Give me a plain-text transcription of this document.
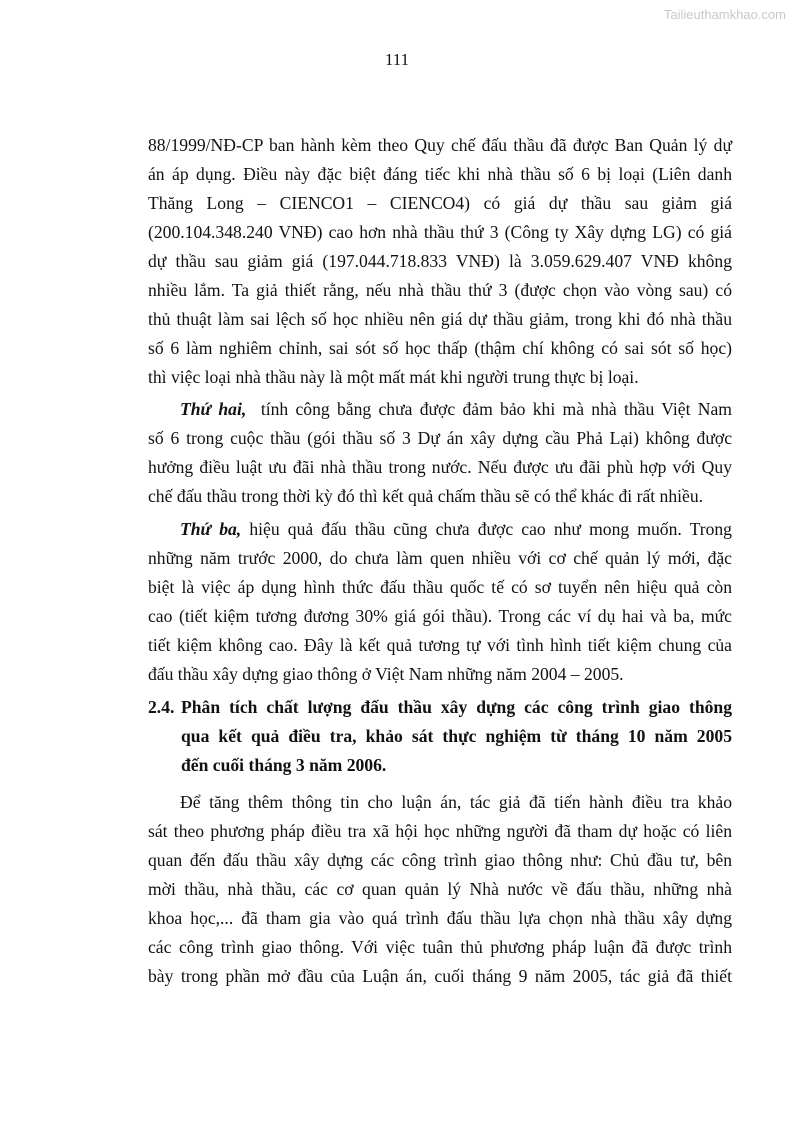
Tailieuthamkhao.com
111
88/1999/NĐ-CP ban hành kèm theo Quy chế đấu thầu đã được Ban Quản lý dự
án áp dụng. Điều này đặc biệt đáng tiếc khi nhà thầu số 6 bị loại (Liên danh
Thăng Long – CIENCO1 – CIENCO4) có giá dự thầu sau giảm giá
(200.104.348.240 VNĐ) cao hơn nhà thầu thứ 3 (Công ty Xây dựng LG) có giá
dự thầu sau giảm giá (197.044.718.833 VNĐ) là 3.059.629.407 VNĐ không
nhiều lắm. Ta giả thiết rằng, nếu nhà thầu thứ 3 (được chọn vào vòng sau) có
thủ thuật làm sai lệch số học nhiều nên giá dự thầu giảm, trong khi đó nhà thầu
số 6 làm nghiêm chỉnh, sai sót số học thấp (thậm chí không có sai sót số học)
thì việc loại nhà thầu này là một mất mát khi người trung thực bị loại.
Thứ hai, tính công bằng chưa được đảm bảo khi mà nhà thầu Việt Nam
số 6 trong cuộc thầu (gói thầu số 3 Dự án xây dựng cầu Phả Lại) không được
hưởng điều luật ưu đãi nhà thầu trong nước. Nếu được ưu đãi phù hợp với Quy
chế đấu thầu trong thời kỳ đó thì kết quả chấm thầu sẽ có thể khác đi rất nhiều.
Thứ ba, hiệu quả đấu thầu cũng chưa được cao như mong muốn. Trong
những năm trước 2000, do chưa làm quen nhiều với cơ chế quản lý mới, đặc
biệt là việc áp dụng hình thức đấu thầu quốc tế có sơ tuyển nên hiệu quả còn
cao (tiết kiệm tương đương 30% giá gói thầu). Trong các ví dụ hai và ba, mức
tiết kiệm không cao. Đây là kết quả tương tự với tình hình tiết kiệm chung của
đấu thầu xây dựng giao thông ở Việt Nam những năm 2004 – 2005.
2.4. Phân tích chất lượng đấu thầu xây dựng các công trình giao thông
qua kết quả điều tra, khảo sát thực nghiệm từ tháng 10 năm 2005
đến cuối tháng 3 năm 2006.
Để tăng thêm thông tin cho luận án, tác giả đã tiến hành điều tra khảo
sát theo phương pháp điều tra xã hội học những người đã tham dự hoặc có liên
quan đến đấu thầu xây dựng các công trình giao thông như: Chủ đầu tư, bên
mời thầu, nhà thầu, các cơ quan quản lý Nhà nước về đấu thầu, những nhà
khoa học,... đã tham gia vào quá trình đấu thầu lựa chọn nhà thầu xây dựng
các công trình giao thông. Với việc tuân thủ phương pháp luận đã được trình
bày trong phần mở đầu của Luận án, cuối tháng 9 năm 2005, tác giả đã thiết
